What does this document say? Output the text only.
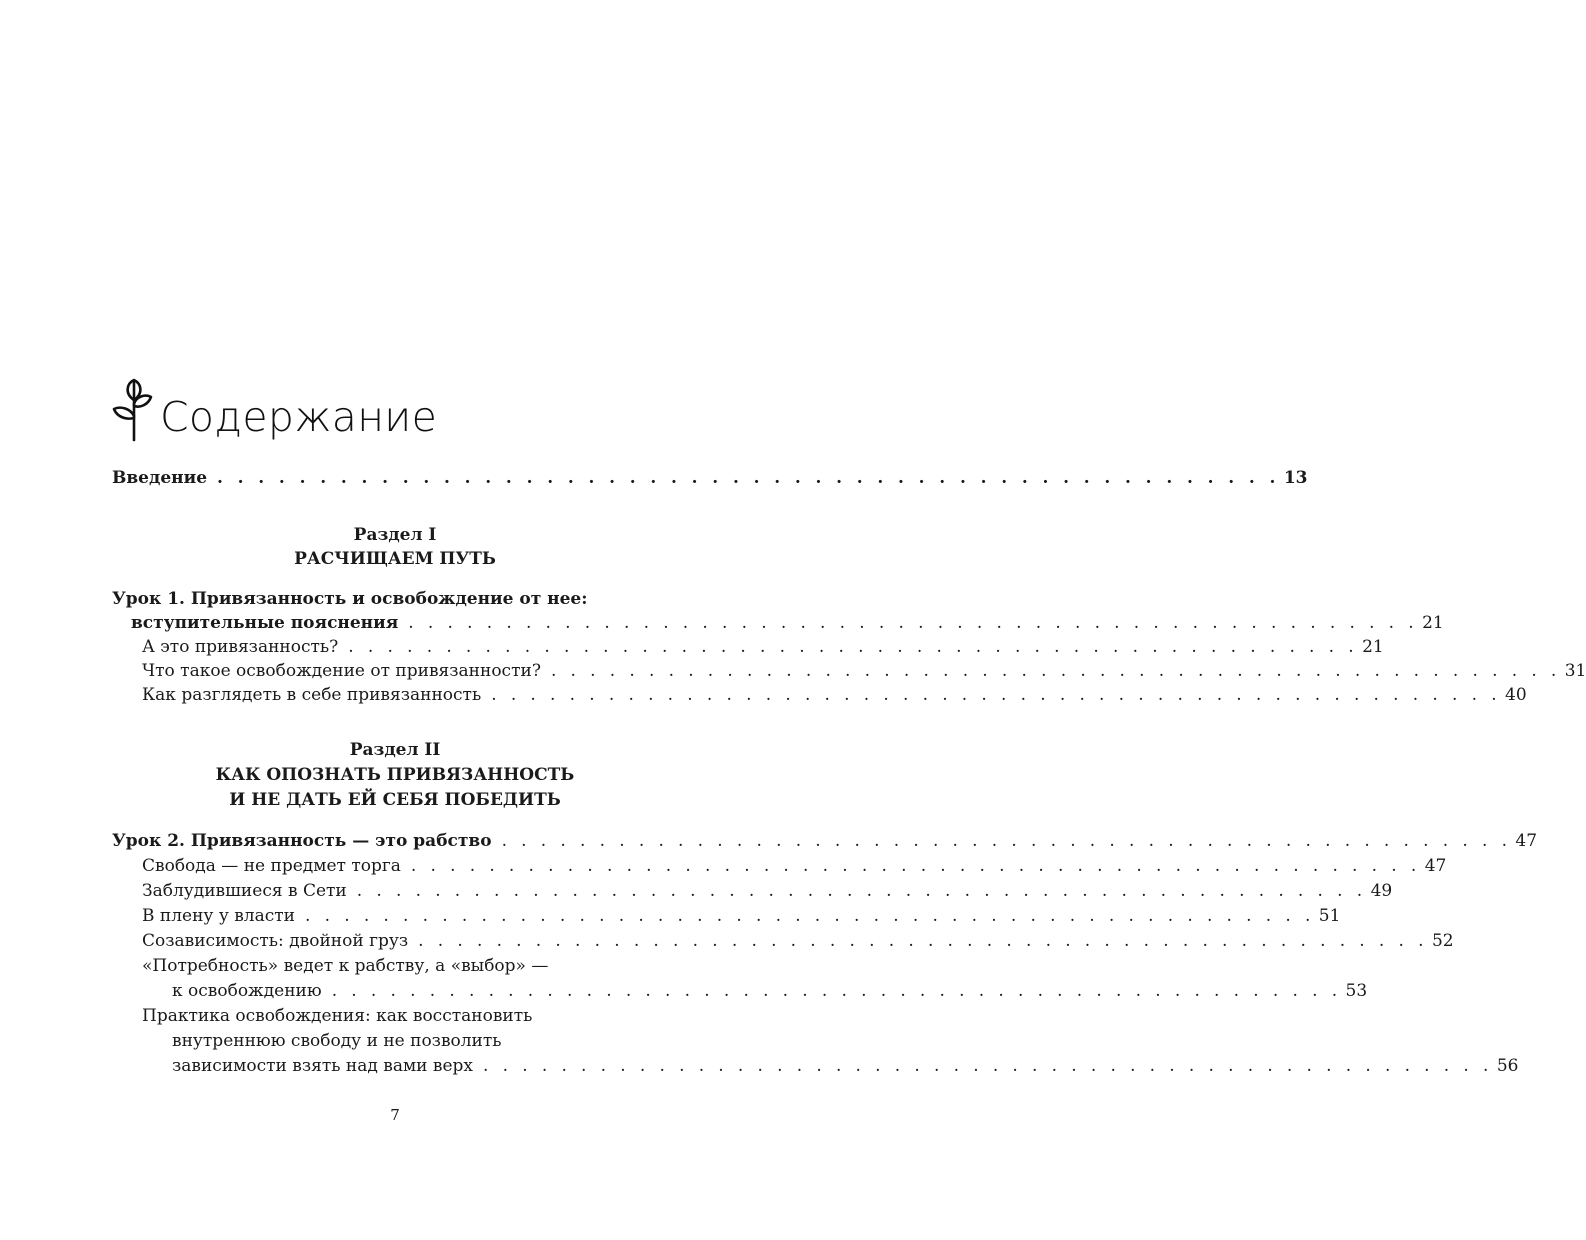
Содержание
Введение . . . . . . . . . . . . . . . . . . . . . . . . . . . . . . . . . . . . . . . . . . . . . . . . . . . . 13
Раздел I
РАСЧИЩАЕМ ПУТЬ
Урок 1. Привязанность и освобождение от нее:
вступительные пояснения . . . . . . . . . . . . . . . . . . . . . . . . . . . . . . . . . . . . . . . . . . . . . . . . . . . . 21
А это привязанность? . . . . . . . . . . . . . . . . . . . . . . . . . . . . . . . . . . . . . . . . . . . . . . . . . . . . 21
Что такое освобождение от привязанности? . . . . . . . . . . . . . . . . . . . . . . . . . . . . . . . . . . . . . . . . . . . . . . . . . . . . 31
Как разглядеть в себе привязанность . . . . . . . . . . . . . . . . . . . . . . . . . . . . . . . . . . . . . . . . . . . . . . . . . . . . 40
Раздел II
КАК ОПОЗНАТЬ ПРИВЯЗАННОСТЬ
И НЕ ДАТЬ ЕЙ СЕБЯ ПОБЕДИТЬ
Урок 2. Привязанность — это рабство . . . . . . . . . . . . . . . . . . . . . . . . . . . . . . . . . . . . . . . . . . . . . . . . . . . . 47
Свобода — не предмет торга . . . . . . . . . . . . . . . . . . . . . . . . . . . . . . . . . . . . . . . . . . . . . . . . . . . . 47
Заблудившиеся в Сети . . . . . . . . . . . . . . . . . . . . . . . . . . . . . . . . . . . . . . . . . . . . . . . . . . . . 49
В плену у власти . . . . . . . . . . . . . . . . . . . . . . . . . . . . . . . . . . . . . . . . . . . . . . . . . . . . 51
Созависимость: двойной груз . . . . . . . . . . . . . . . . . . . . . . . . . . . . . . . . . . . . . . . . . . . . . . . . . . . . 52
«Потребность» ведет к рабству, а «выбор» —
к освобождению . . . . . . . . . . . . . . . . . . . . . . . . . . . . . . . . . . . . . . . . . . . . . . . . . . . . 53
Практика освобождения: как восстановить
внутреннюю свободу и не позволить
зависимости взять над вами верх . . . . . . . . . . . . . . . . . . . . . . . . . . . . . . . . . . . . . . . . . . . . . . . . . . . . 56
7
